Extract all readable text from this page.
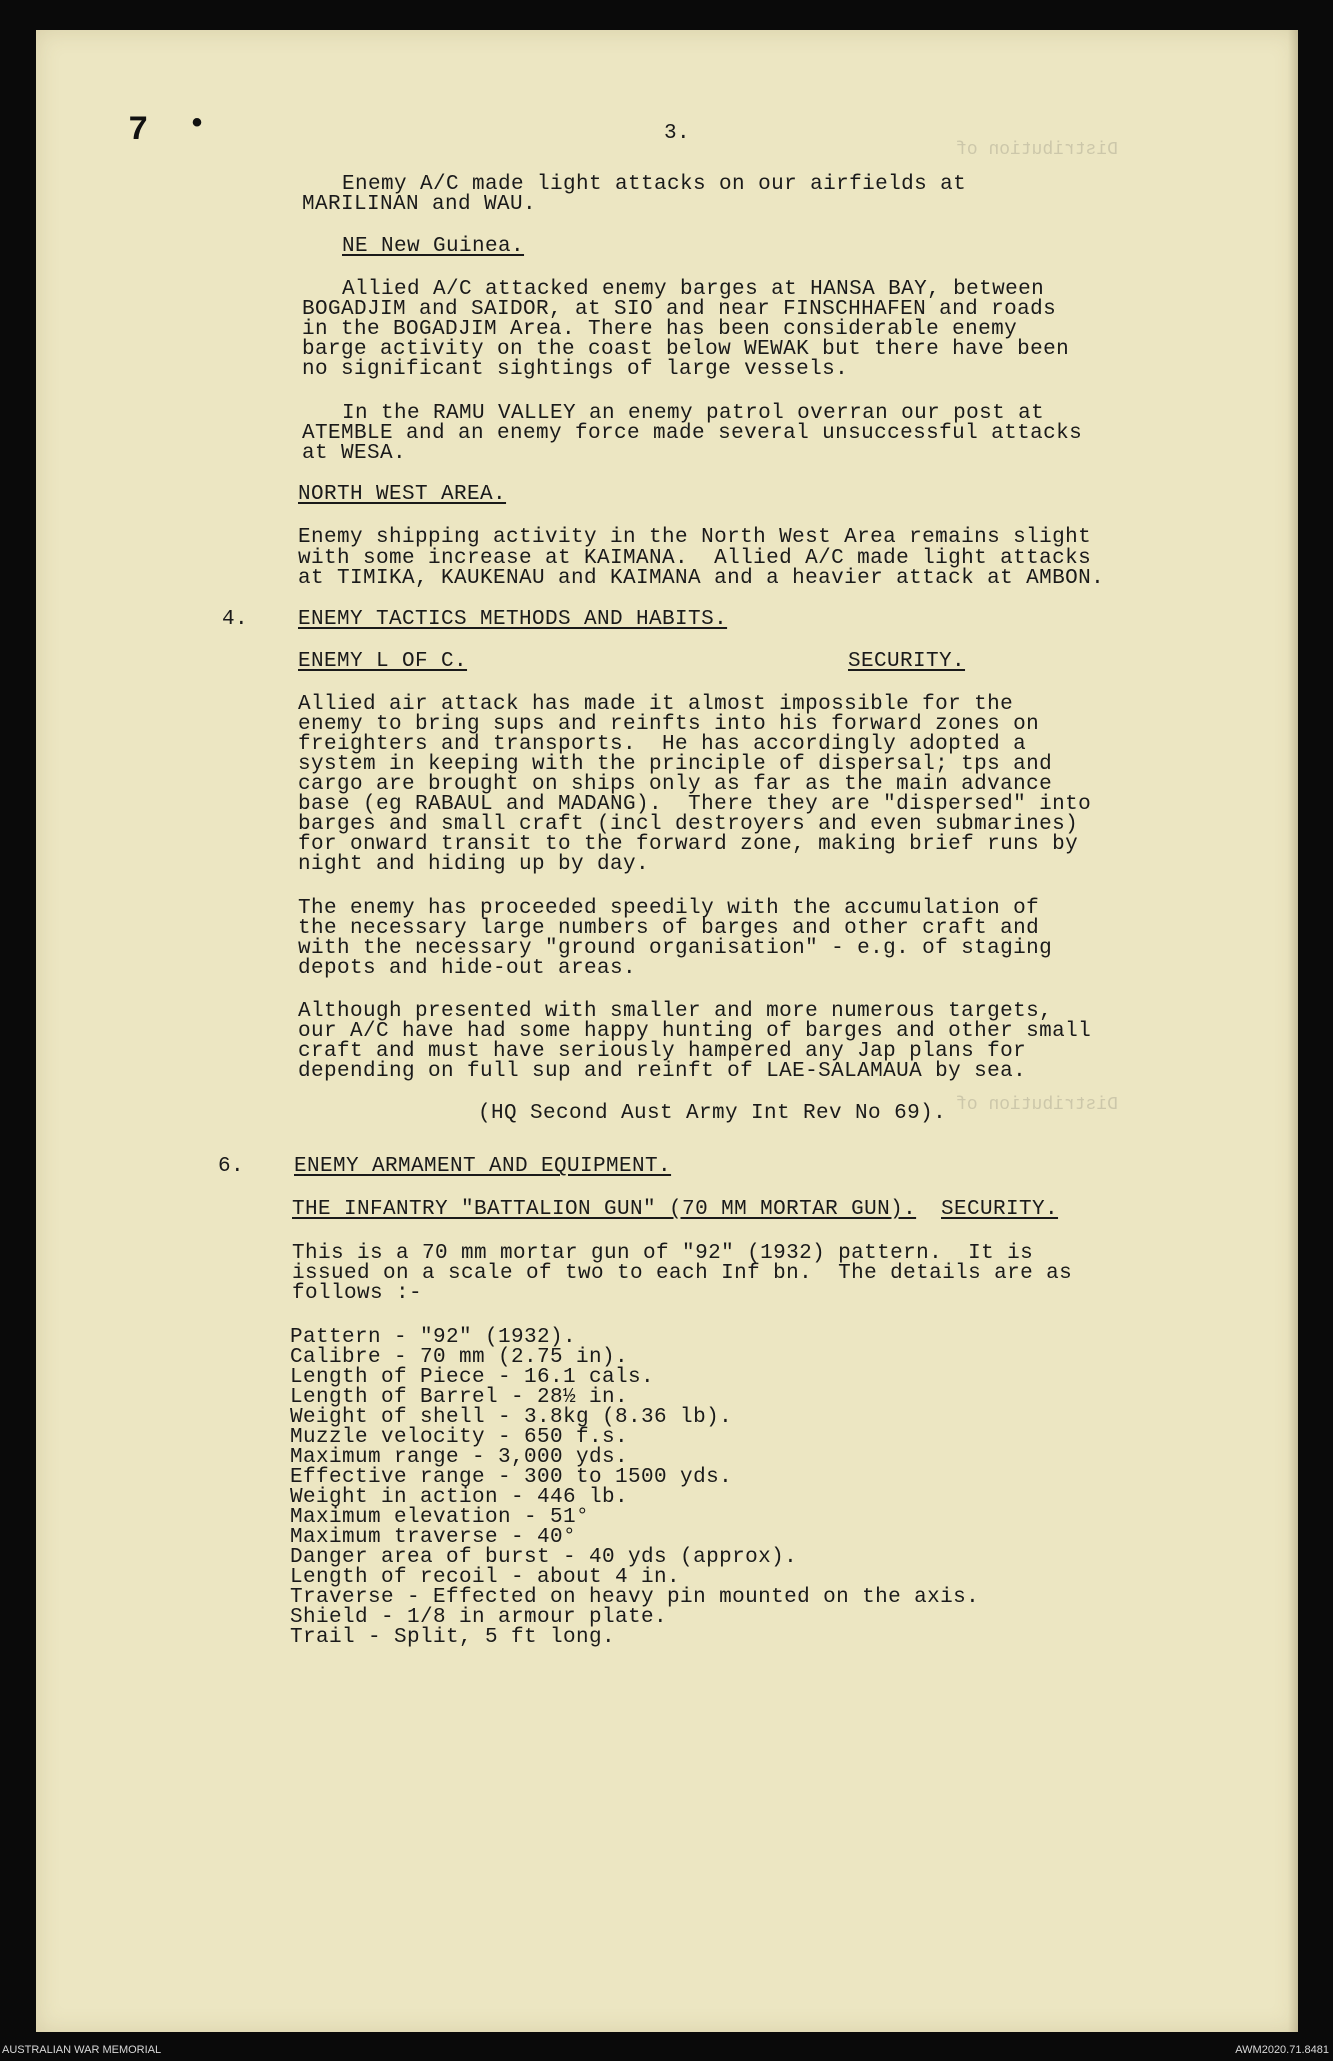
7 •	3.
Distribution of
Enemy A/C made light attacks on our airfields at
MARILINAN and WAU.
NE New Guinea.
Allied A/C attacked enemy barges at HANSA BAY, between
BOGADJIM and SAIDOR, at SIO and near FINSCHHAFEN and roads
in the BOGADJIM Area. There has been considerable enemy
barge activity on the coast below WEWAK but there have been
no significant sightings of large vessels.
In the RAMU VALLEY an enemy patrol overran our post at
ATEMBLE and an enemy force made several unsuccessful attacks
at WESA.
NORTH WEST AREA.
Enemy shipping activity in the North West Area remains slight
with some increase at KAIMANA.  Allied A/C made light attacks
at TIMIKA, KAUKENAU and KAIMANA and a heavier attack at AMBON.
4. ENEMY TACTICS METHODS AND HABITS.
ENEMY L OF C.	SECURITY.
Allied air attack has made it almost impossible for the
enemy to bring sups and reinfts into his forward zones on
freighters and transports.  He has accordingly adopted a
system in keeping with the principle of dispersal; tps and
cargo are brought on ships only as far as the main advance
base (eg RABAUL and MADANG).  There they are "dispersed" into
barges and small craft (incl destroyers and even submarines)
for onward transit to the forward zone, making brief runs by
night and hiding up by day.
The enemy has proceeded speedily with the accumulation of
the necessary large numbers of barges and other craft and
with the necessary "ground organisation" - e.g. of staging
depots and hide-out areas.
Although presented with smaller and more numerous targets,
our A/C have had some happy hunting of barges and other small
craft and must have seriously hampered any Jap plans for
depending on full sup and reinft of LAE-SALAMAUA by sea.
(HQ Second Aust Army Int Rev No 69). Distribution of
6. ENEMY ARMAMENT AND EQUIPMENT.
THE INFANTRY "BATTALION GUN" (70 MM MORTAR GUN). SECURITY.
This is a 70 mm mortar gun of "92" (1932) pattern.  It is
issued on a scale of two to each Inf bn.  The details are as
follows :-
Pattern - "92" (1932).
Calibre - 70 mm (2.75 in).
Length of Piece - 16.1 cals.
Length of Barrel - 28½ in.
Weight of shell - 3.8kg (8.36 lb).
Muzzle velocity - 650 f.s.
Maximum range - 3,000 yds.
Effective range - 300 to 1500 yds.
Weight in action - 446 lb.
Maximum elevation - 51°
Maximum traverse - 40°
Danger area of burst - 40 yds (approx).
Length of recoil - about 4 in.
Traverse - Effected on heavy pin mounted on the axis.
Shield - 1/8 in armour plate.
Trail - Split, 5 ft long.
AUSTRALIAN WAR MEMORIAL	AWM2020.71.8481
